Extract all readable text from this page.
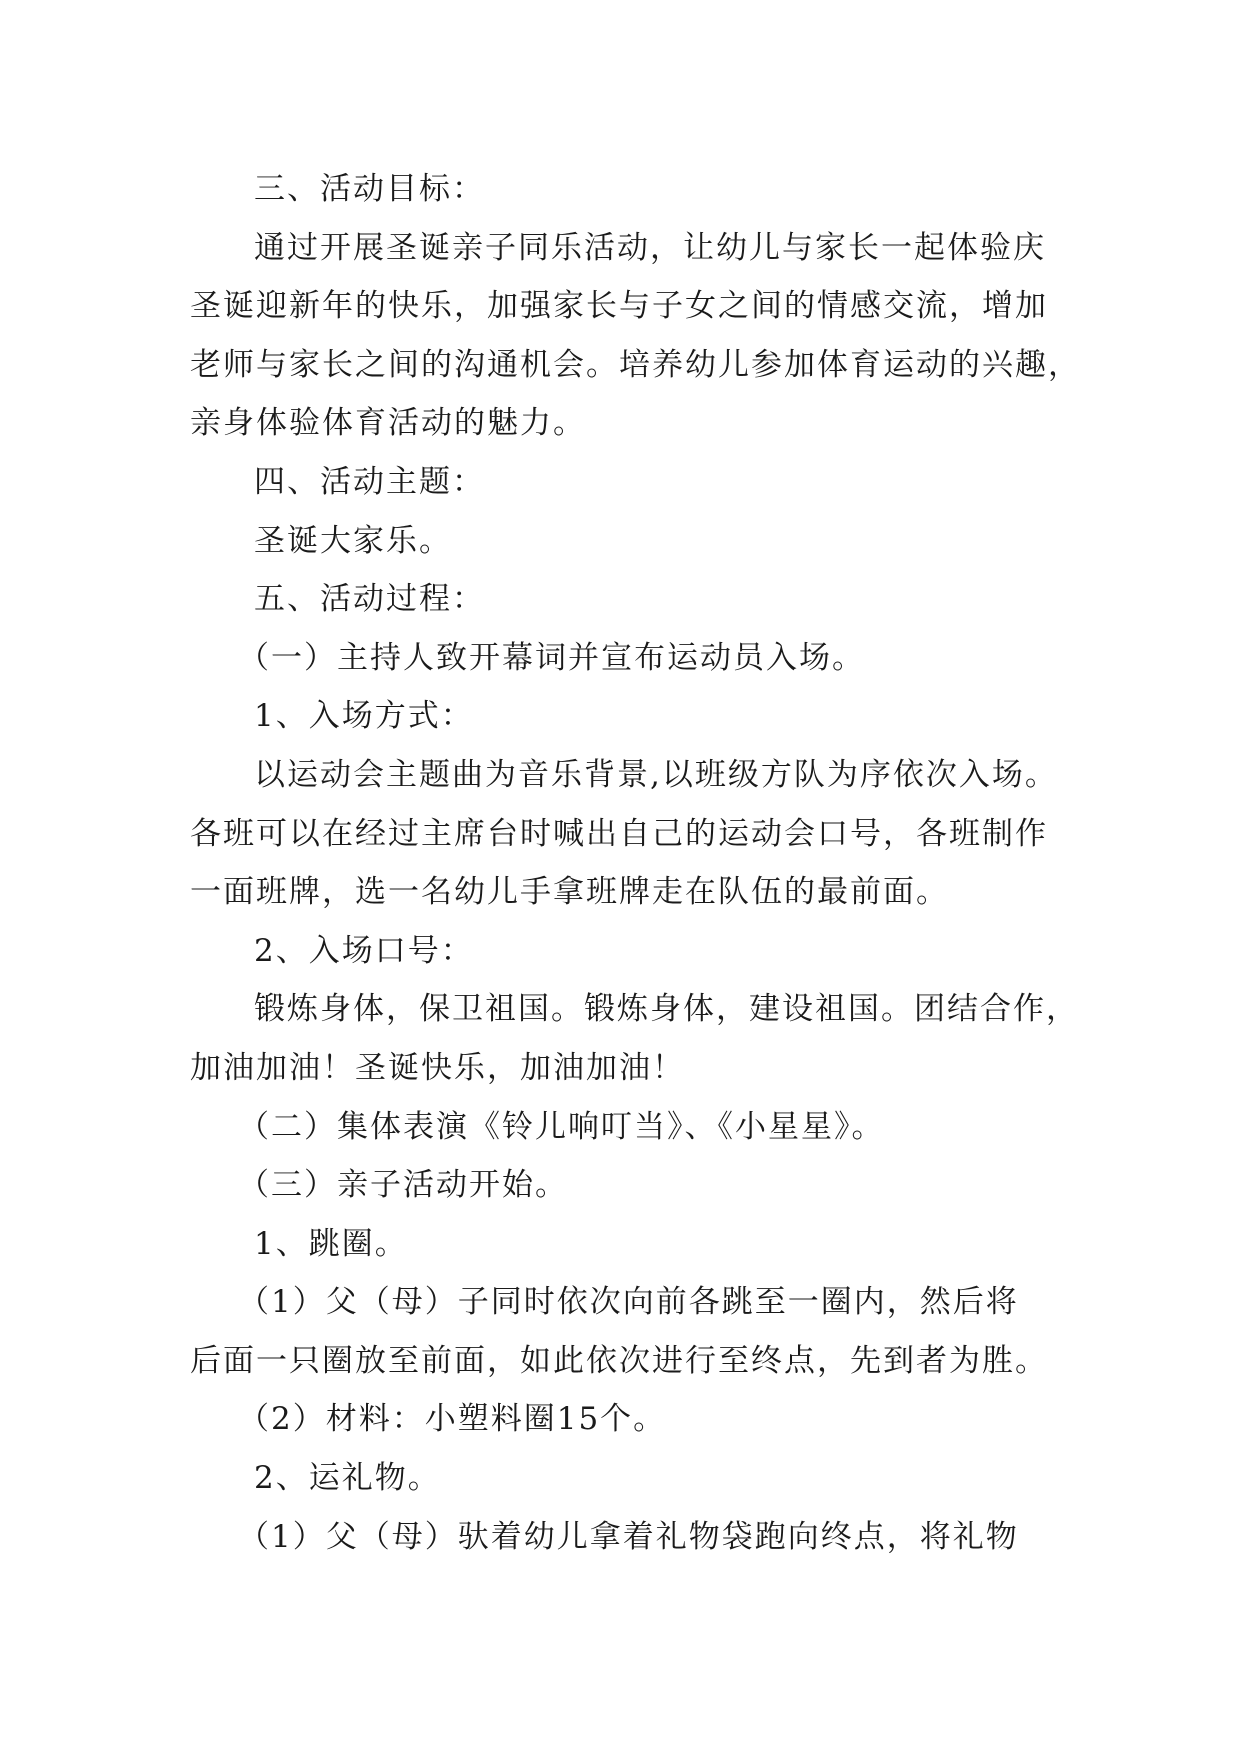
三、活动目标：
通过开展圣诞亲子同乐活动，让幼儿与家长一起体验庆
圣诞迎新年的快乐，加强家长与子女之间的情感交流，增加
老师与家长之间的沟通机会。培养幼儿参加体育运动的兴趣，
亲身体验体育活动的魅力。
四、活动主题：
圣诞大家乐。
五、活动过程：
（一）主持人致开幕词并宣布运动员入场。
1、入场方式：
以运动会主题曲为音乐背景,以班级方队为序依次入场。
各班可以在经过主席台时喊出自己的运动会口号，各班制作
一面班牌，选一名幼儿手拿班牌走在队伍的最前面。
2、入场口号：
锻炼身体，保卫祖国。锻炼身体，建设祖国。团结合作，
加油加油！圣诞快乐，加油加油！
（二）集体表演《铃儿响叮当》、《小星星》。
（三）亲子活动开始。
1、跳圈。
（1）父（母）子同时依次向前各跳至一圈内，然后将
后面一只圈放至前面，如此依次进行至终点，先到者为胜。
（2）材料：小塑料圈15个。
2、运礼物。
（1）父（母）驮着幼儿拿着礼物袋跑向终点，将礼物
